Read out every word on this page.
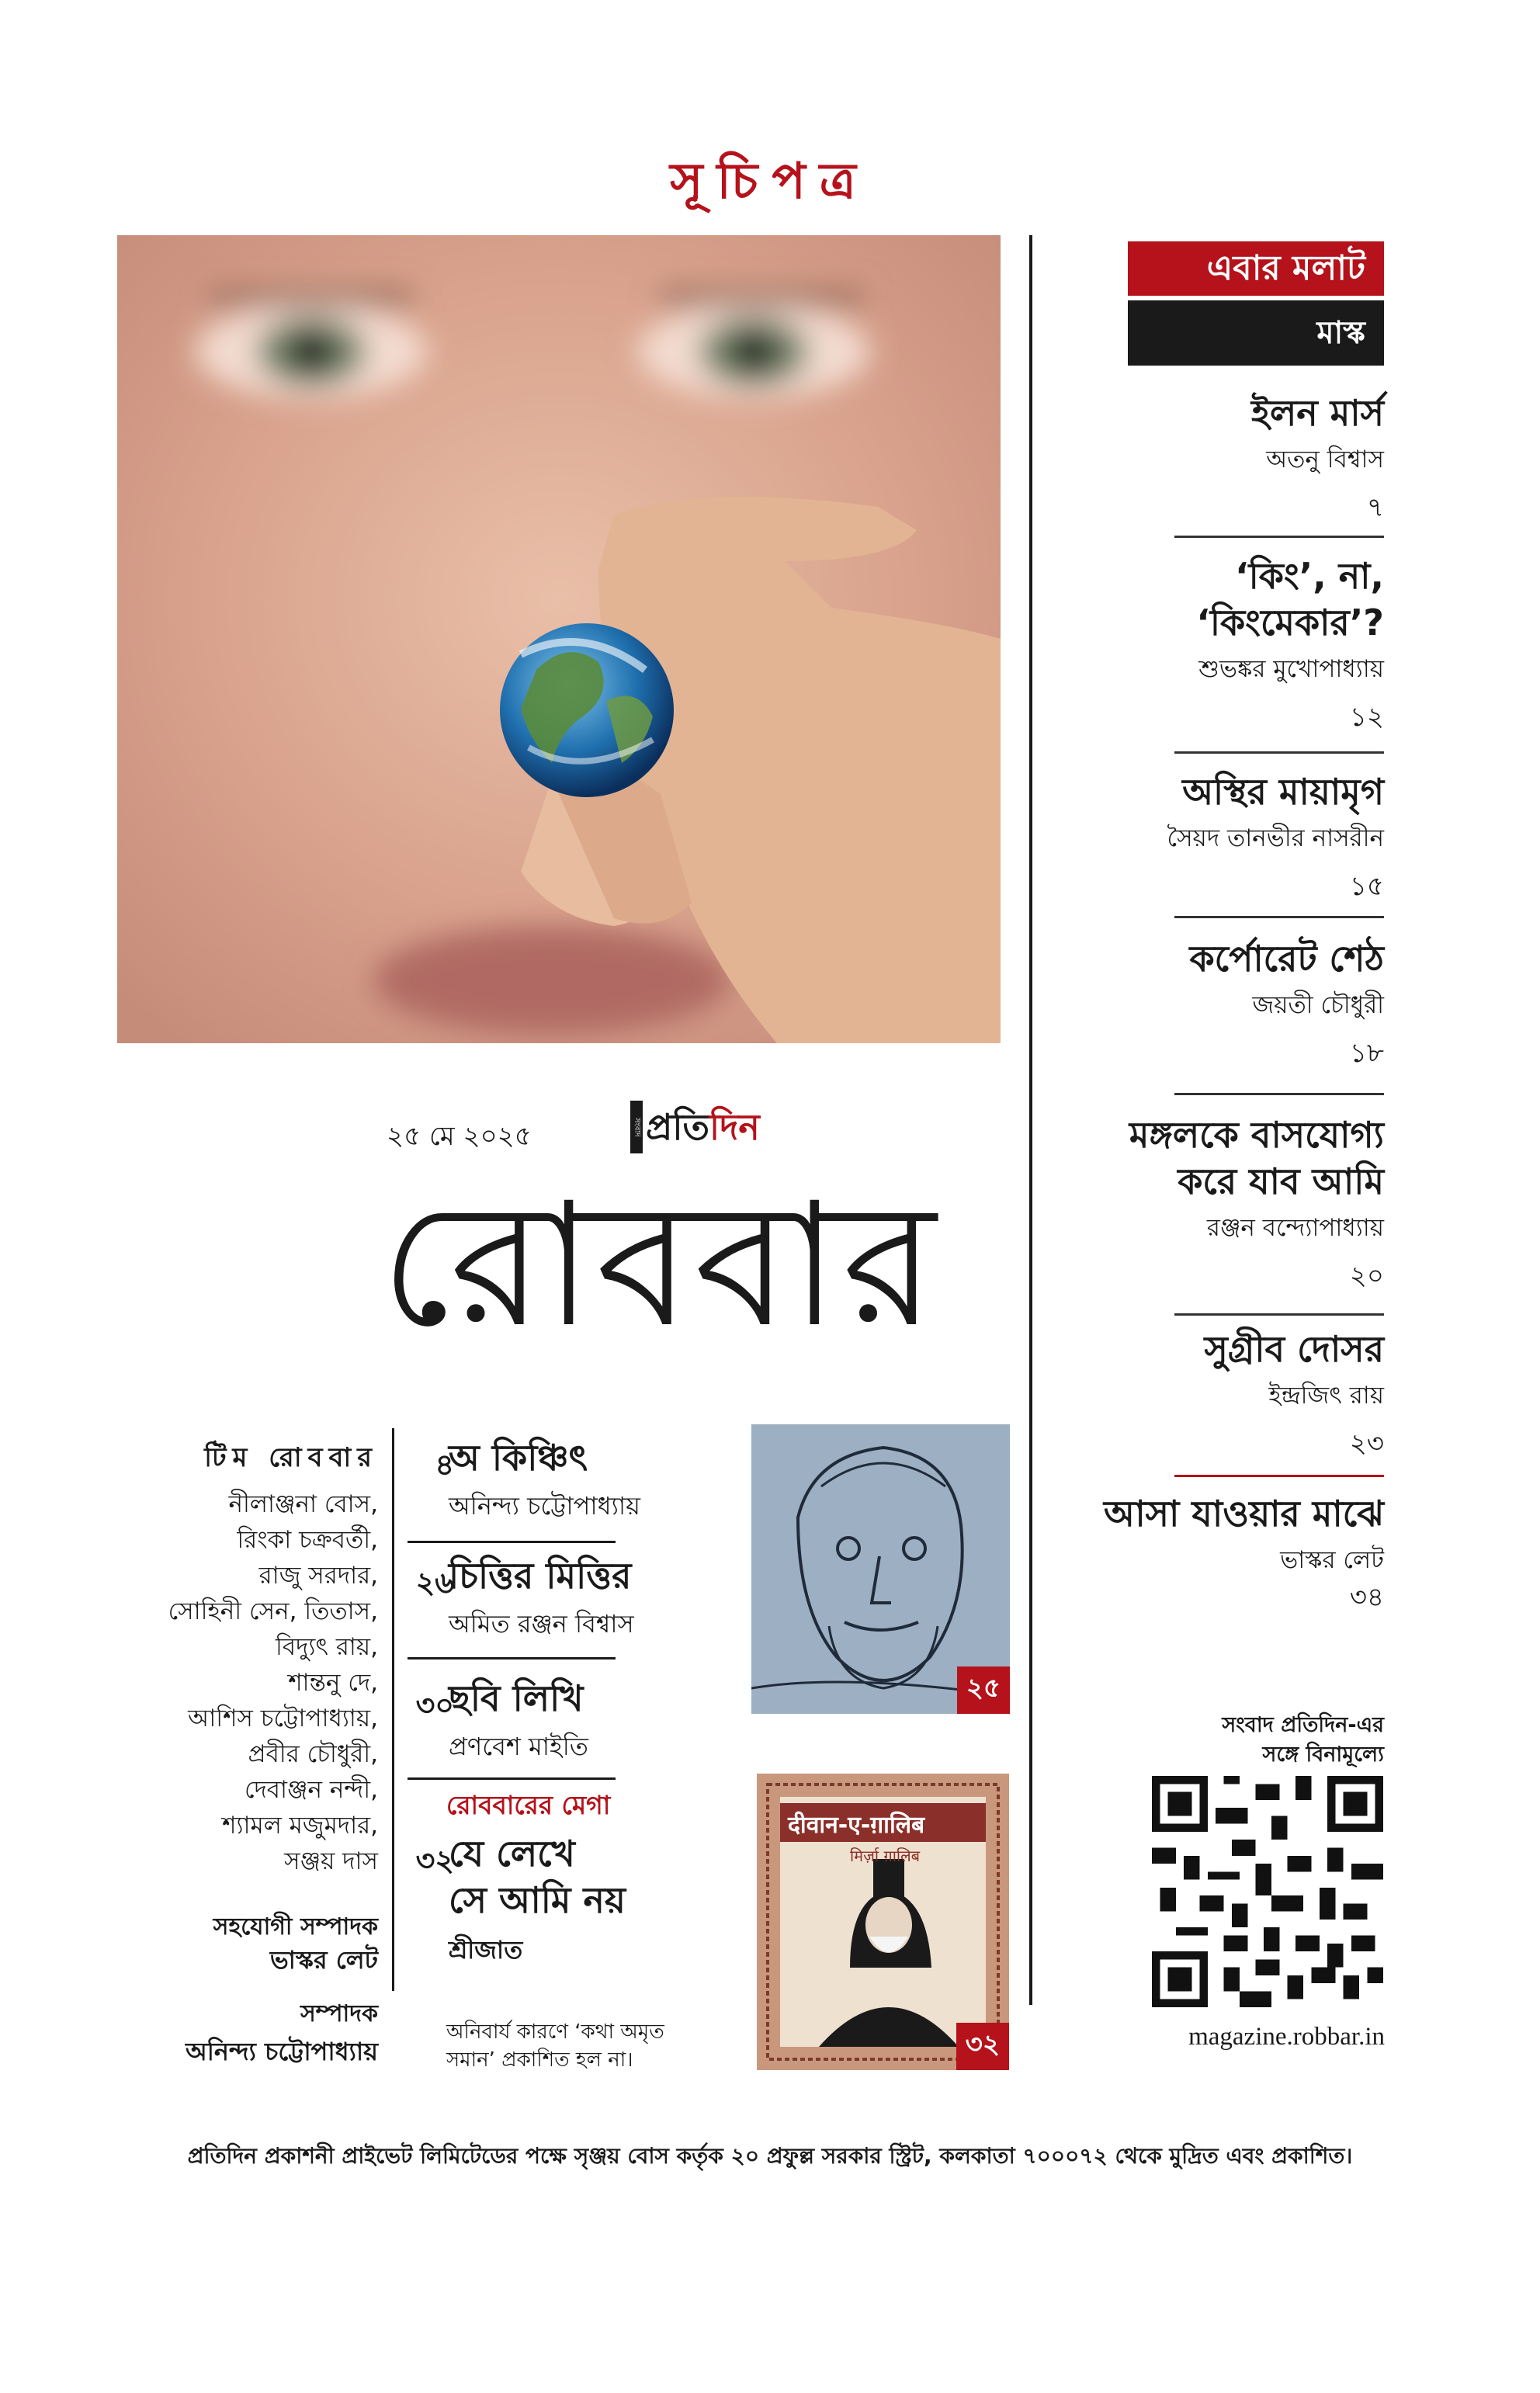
সূচিপত্র
এবার মলাট
মাস্ক
ইলন মার্স
অতনু বিশ্বাস
৭
‘কিং’, না, ‘কিংমেকার’?
শুভঙ্কর মুখোপাধ্যায়
১২
অস্থির মায়ামৃগ
সৈয়দ তানভীর নাসরীন
১৫
কর্পোরেট শেঠ
জয়তী চৌধুরী
১৮
মঙ্গলকে বাসযোগ্য করে যাব আমি
রঞ্জন বন্দ্যোপাধ্যায়
২০
সুগ্রীব দোসর
ইন্দ্রজিৎ রায়
২৩
আসা যাওয়ার মাঝে
ভাস্কর লেট
৩৪
২৫ মে ২০২৫	সংবাদ প্রতিদিন
রোববার
টিম রোববার
নীলাঞ্জনা বোস,
রিংকা চক্রবর্তী,
রাজু সরদার,
সোহিনী সেন, তিতাস,
বিদ্যুৎ রায়,
শান্তনু দে,
আশিস চট্টোপাধ্যায়,
প্রবীর চৌধুরী,
দেবাঞ্জন নন্দী,
শ্যামল মজুমদার,
সঞ্জয় দাস
সহযোগী সম্পাদক
ভাস্কর লেট
সম্পাদক
অনিন্দ্য চট্টোপাধ্যায়
৪
অ কিঞ্চিৎ
অনিন্দ্য চট্টোপাধ্যায়
২৬
চিত্তির মিত্তির
অমিত রঞ্জন বিশ্বাস
৩০
ছবি লিখি
প্রণবেশ মাইতি
রোববারের মেগা
৩২
যে লেখে
সে আমি নয়
শ্রীজাত
অনিবার্য কারণে ‘কথা অমৃত সমান’ প্রকাশিত হল না।
২৫
दीवान-ए-ग़ालिब
मिर्ज़ा ग़ालिब
৩২
সংবাদ প্রতিদিন-এর
সঙ্গে বিনামূল্যে
magazine.robbar.in
প্রতিদিন প্রকাশনী প্রাইভেট লিমিটেডের পক্ষে সৃঞ্জয় বোস কর্তৃক ২০ প্রফুল্ল সরকার স্ট্রিট, কলকাতা ৭০০০৭২ থেকে মুদ্রিত এবং প্রকাশিত।
